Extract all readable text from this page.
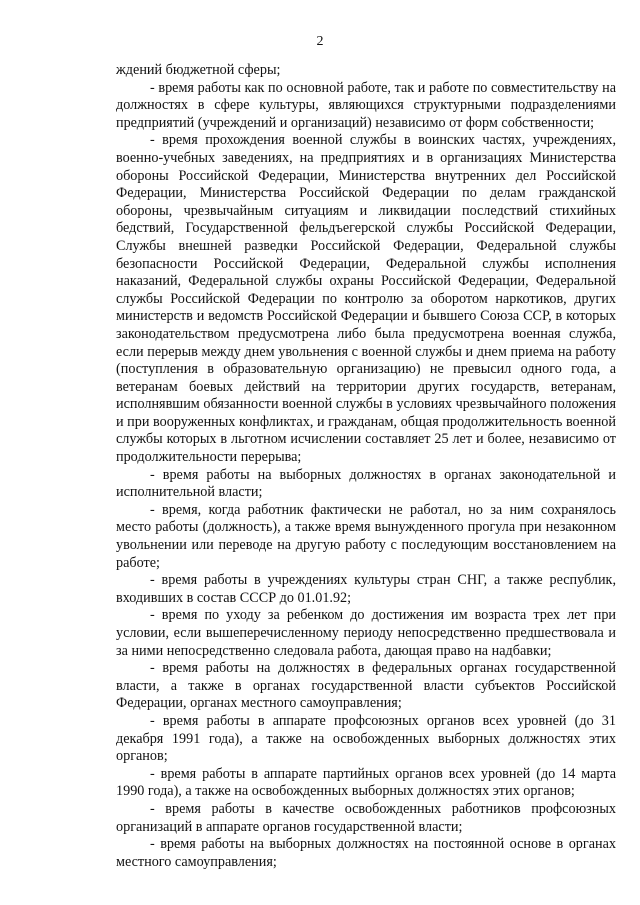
2

ждений бюджетной сферы;

- время работы как по основной работе, так и работе по совместительству на должностях в сфере культуры, являющихся структурными подразделениями предприятий (учреждений и организаций) независимо от форм собственности;

- время прохождения военной службы в воинских частях, учреждениях, военно-учебных заведениях, на предприятиях и в организациях Министерства обороны Российской Федерации, Министерства внутренних дел Российской Федерации, Министерства Российской Федерации по делам гражданской обороны, чрезвычайным ситуациям и ликвидации последствий стихийных бедствий, Государственной фельдъегерской службы Российской Федерации, Службы внешней разведки Российской Федерации, Федеральной службы безопасности Российской Федерации, Федеральной службы исполнения наказаний, Федеральной службы охраны Российской Федерации, Федеральной службы Российской Федерации по контролю за оборотом наркотиков, других министерств и ведомств Российской Федерации и бывшего Союза ССР, в которых законодательством предусмотрена либо была предусмотрена военная служба, если перерыв между днем увольнения с военной службы и днем приема на работу (поступления в образовательную организацию) не превысил одного года, а ветеранам боевых действий на территории других государств, ветеранам, исполнявшим обязанности военной службы в условиях чрезвычайного положения и при вооруженных конфликтах, и гражданам, общая продолжительность военной службы которых в льготном исчислении составляет 25 лет и более, независимо от продолжительности перерыва;

- время работы на выборных должностях в органах законодательной и исполнительной власти;

- время, когда работник фактически не работал, но за ним сохранялось место работы (должность), а также время вынужденного прогула при незаконном увольнении или переводе на другую работу с последующим восстановлением на работе;

- время работы в учреждениях культуры стран СНГ, а также республик, входивших в состав СССР до 01.01.92;

- время по уходу за ребенком до достижения им возраста трех лет при условии, если вышеперечисленному периоду непосредственно предшествовала и за ними непосредственно следовала работа, дающая право на надбавки;

- время работы на должностях в федеральных органах государственной власти, а также в органах государственной власти субъектов Российской Федерации, органах местного самоуправления;

- время работы в аппарате профсоюзных органов всех уровней (до 31 декабря 1991 года), а также на освобожденных выборных должностях этих органов;

- время работы в аппарате партийных органов всех уровней (до 14 марта 1990 года), а также на освобожденных выборных должностях этих органов;

- время работы в качестве освобожденных работников профсоюзных организаций в аппарате органов государственной власти;

- время работы на выборных должностях на постоянной основе в органах местного самоуправления;
